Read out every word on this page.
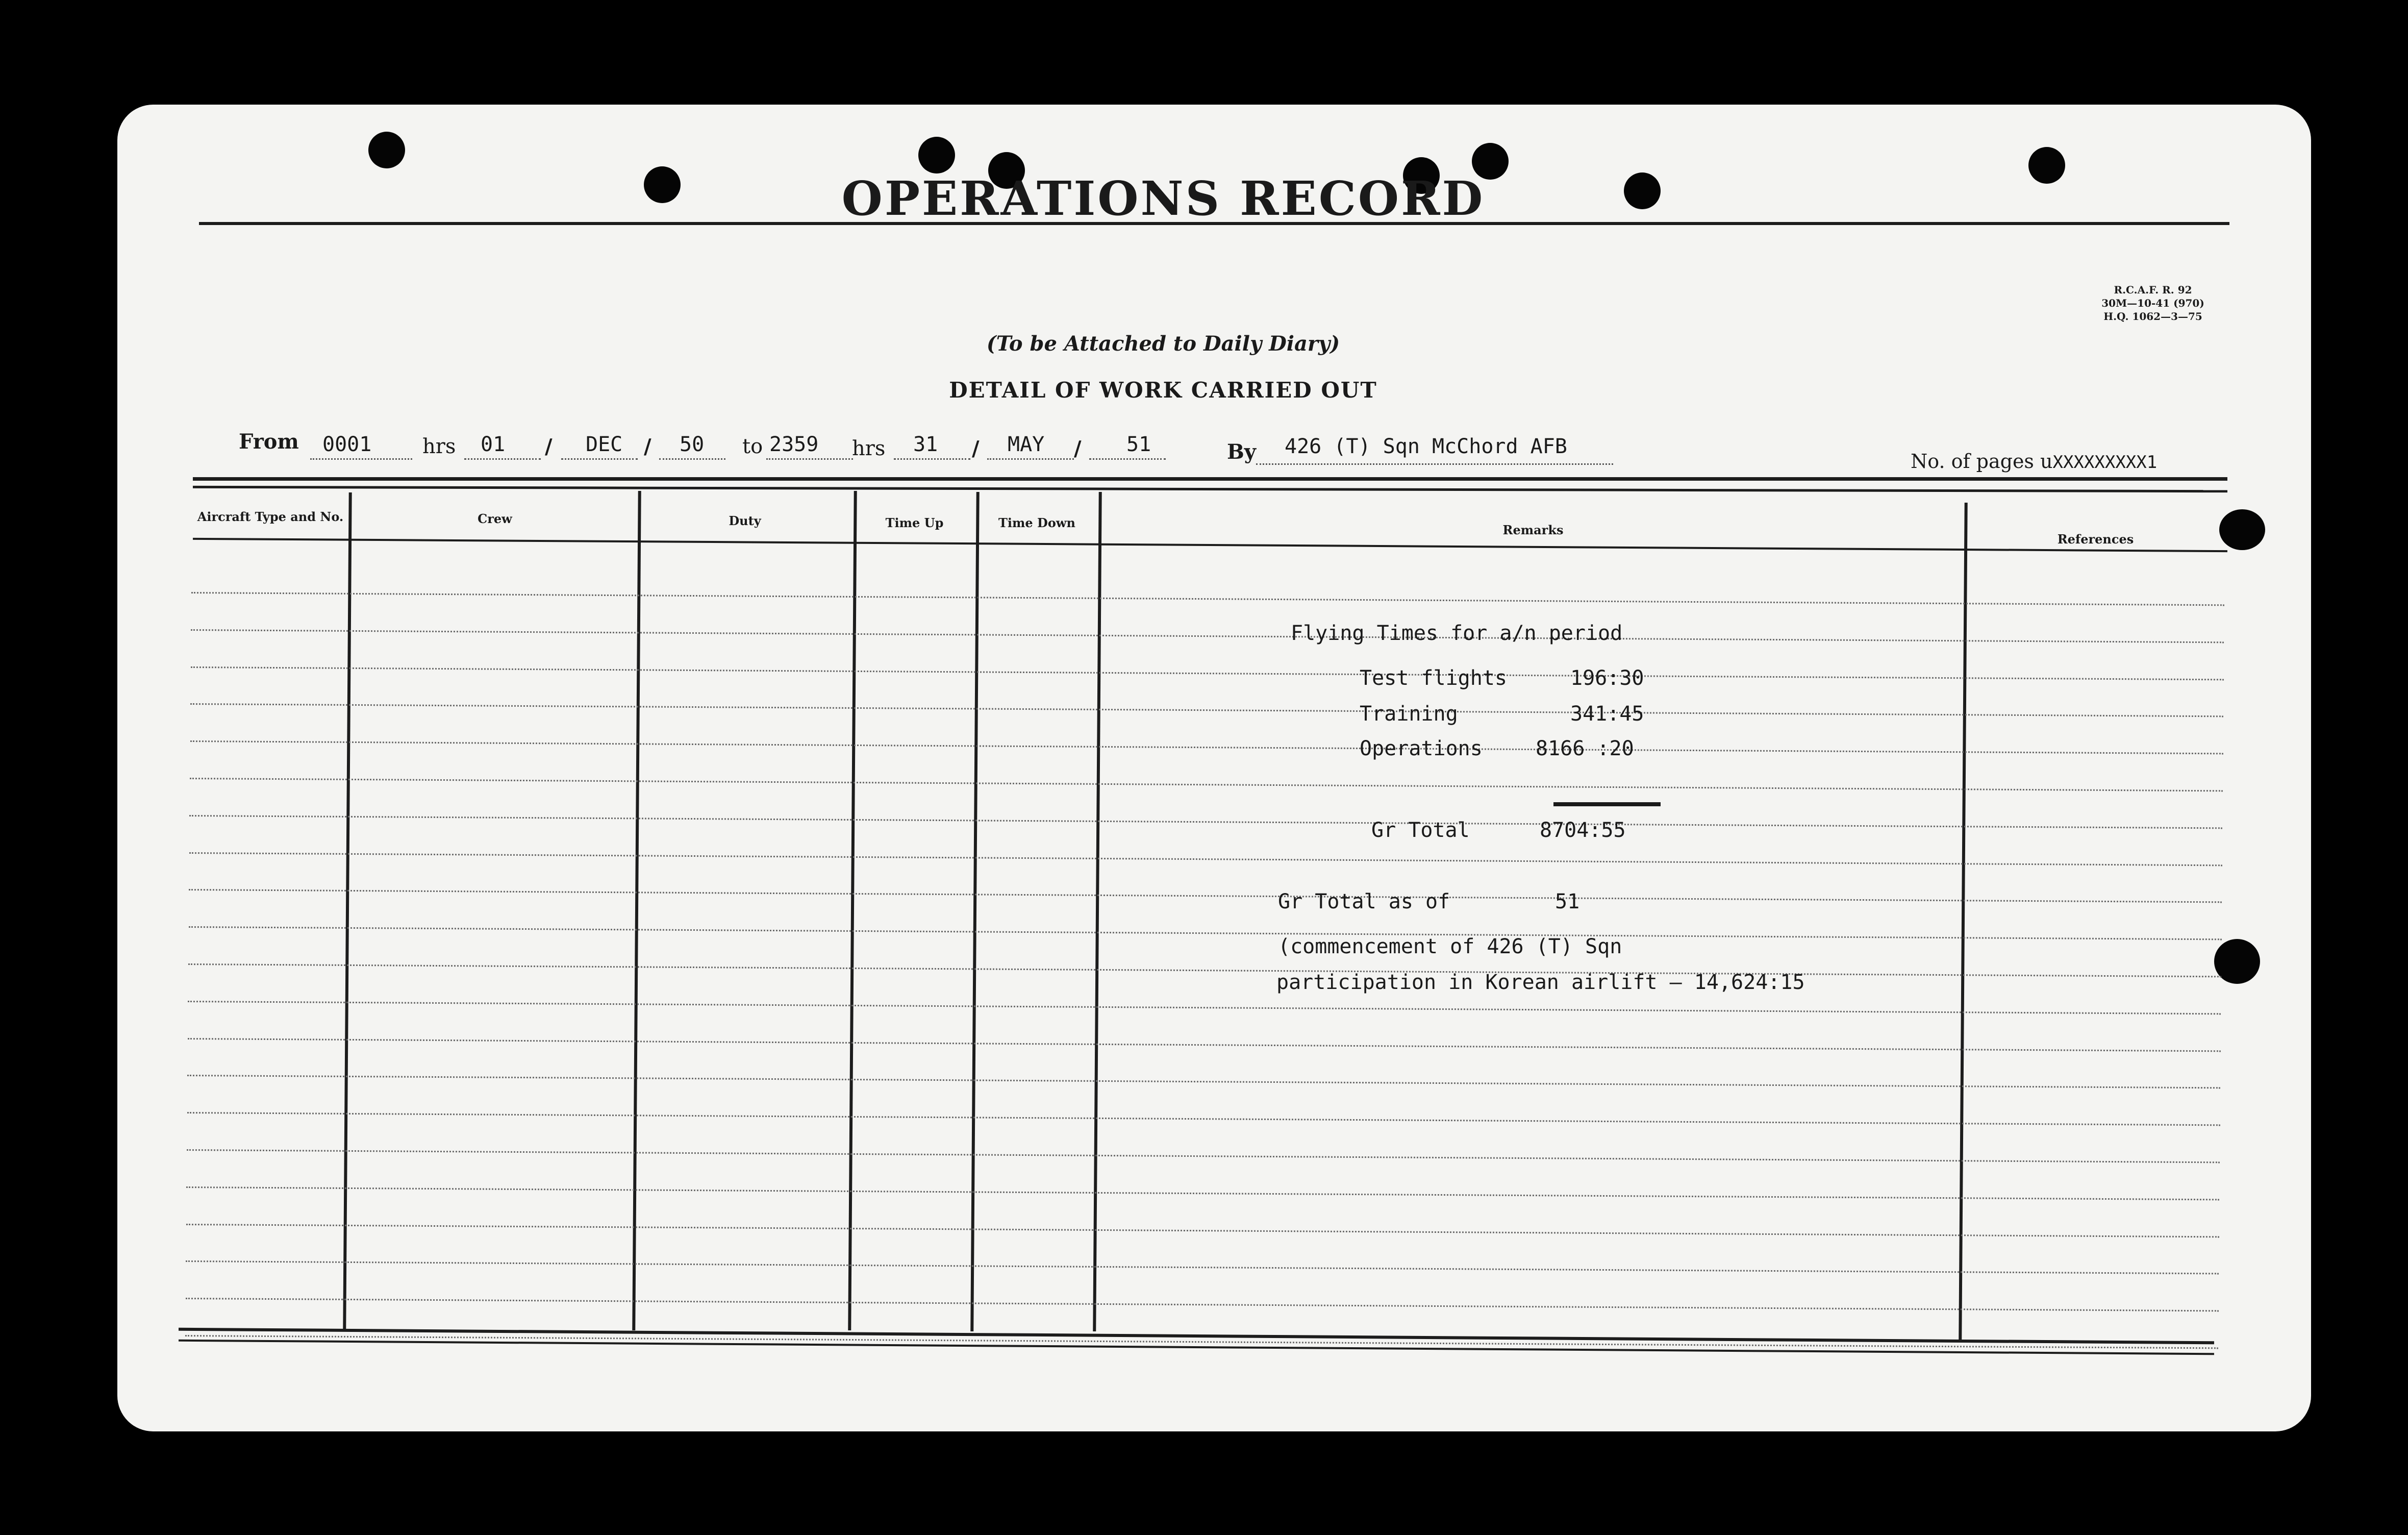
OPERATIONS RECORD
(To be Attached to Daily Diary)
DETAIL OF WORK CARRIED OUT
R.C.A.F. R. 92
30M—10-41 (970)
H.Q. 1062—3—75
From 0001 hrs 01 / DEC / 50 to 2359 hrs 31 / MAY / 51	By 426 (T) Sqn McChord AFB
No. of pages uXXXXXXXXX1
Aircraft Type and No.	Crew	Duty	Time Up	Time Down	Remarks
References
Flying Times for a/n period
Test flights	196:30
Training	341:45
Operations	8166 :20
Gr Total	8704:55
Gr Total as of	51
(commencement of 426 (T) Sqn
participation in Korean airlift — 14,624:15
